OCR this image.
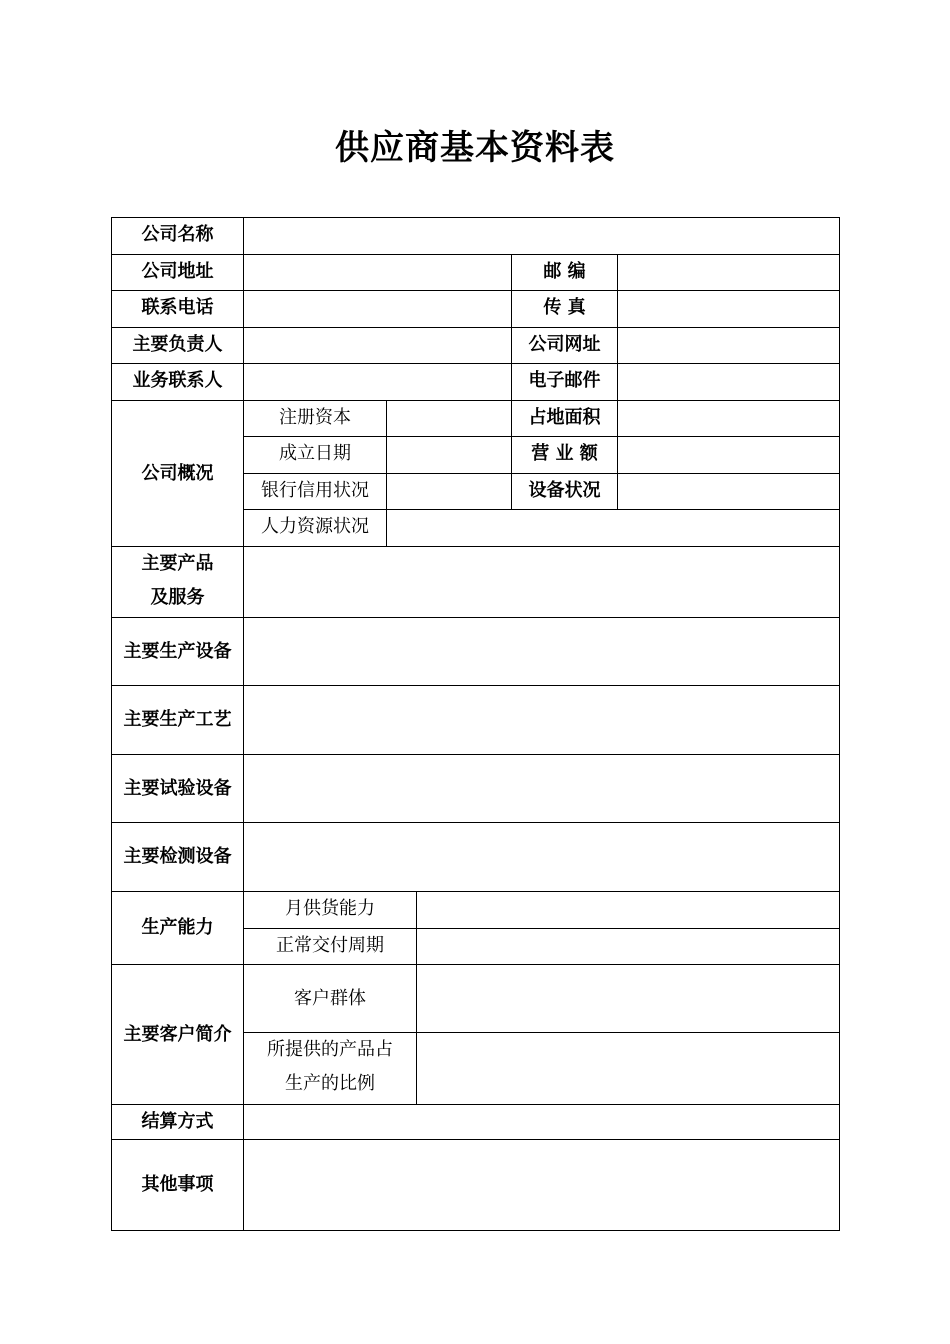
供应商基本资料表
公司名称					
公司地址				邮 编	
联系电话				传 真	
主要负责人				公司网址	
业务联系人				电子邮件	
公司概况	注册资本			占地面积	
	成立日期			营 业 额	
	银行信用状况			设备状况	
	人力资源状况				

主要产品
及服务					

主要生产设备					
主要生产工艺					
主要试验设备					
主要检测设备					
生产能力	月供货能力				
	正常交付周期				
主要客户简介	客户群体				

	所提供的产品占
生产的比例				

结算方式					
其他事项					
